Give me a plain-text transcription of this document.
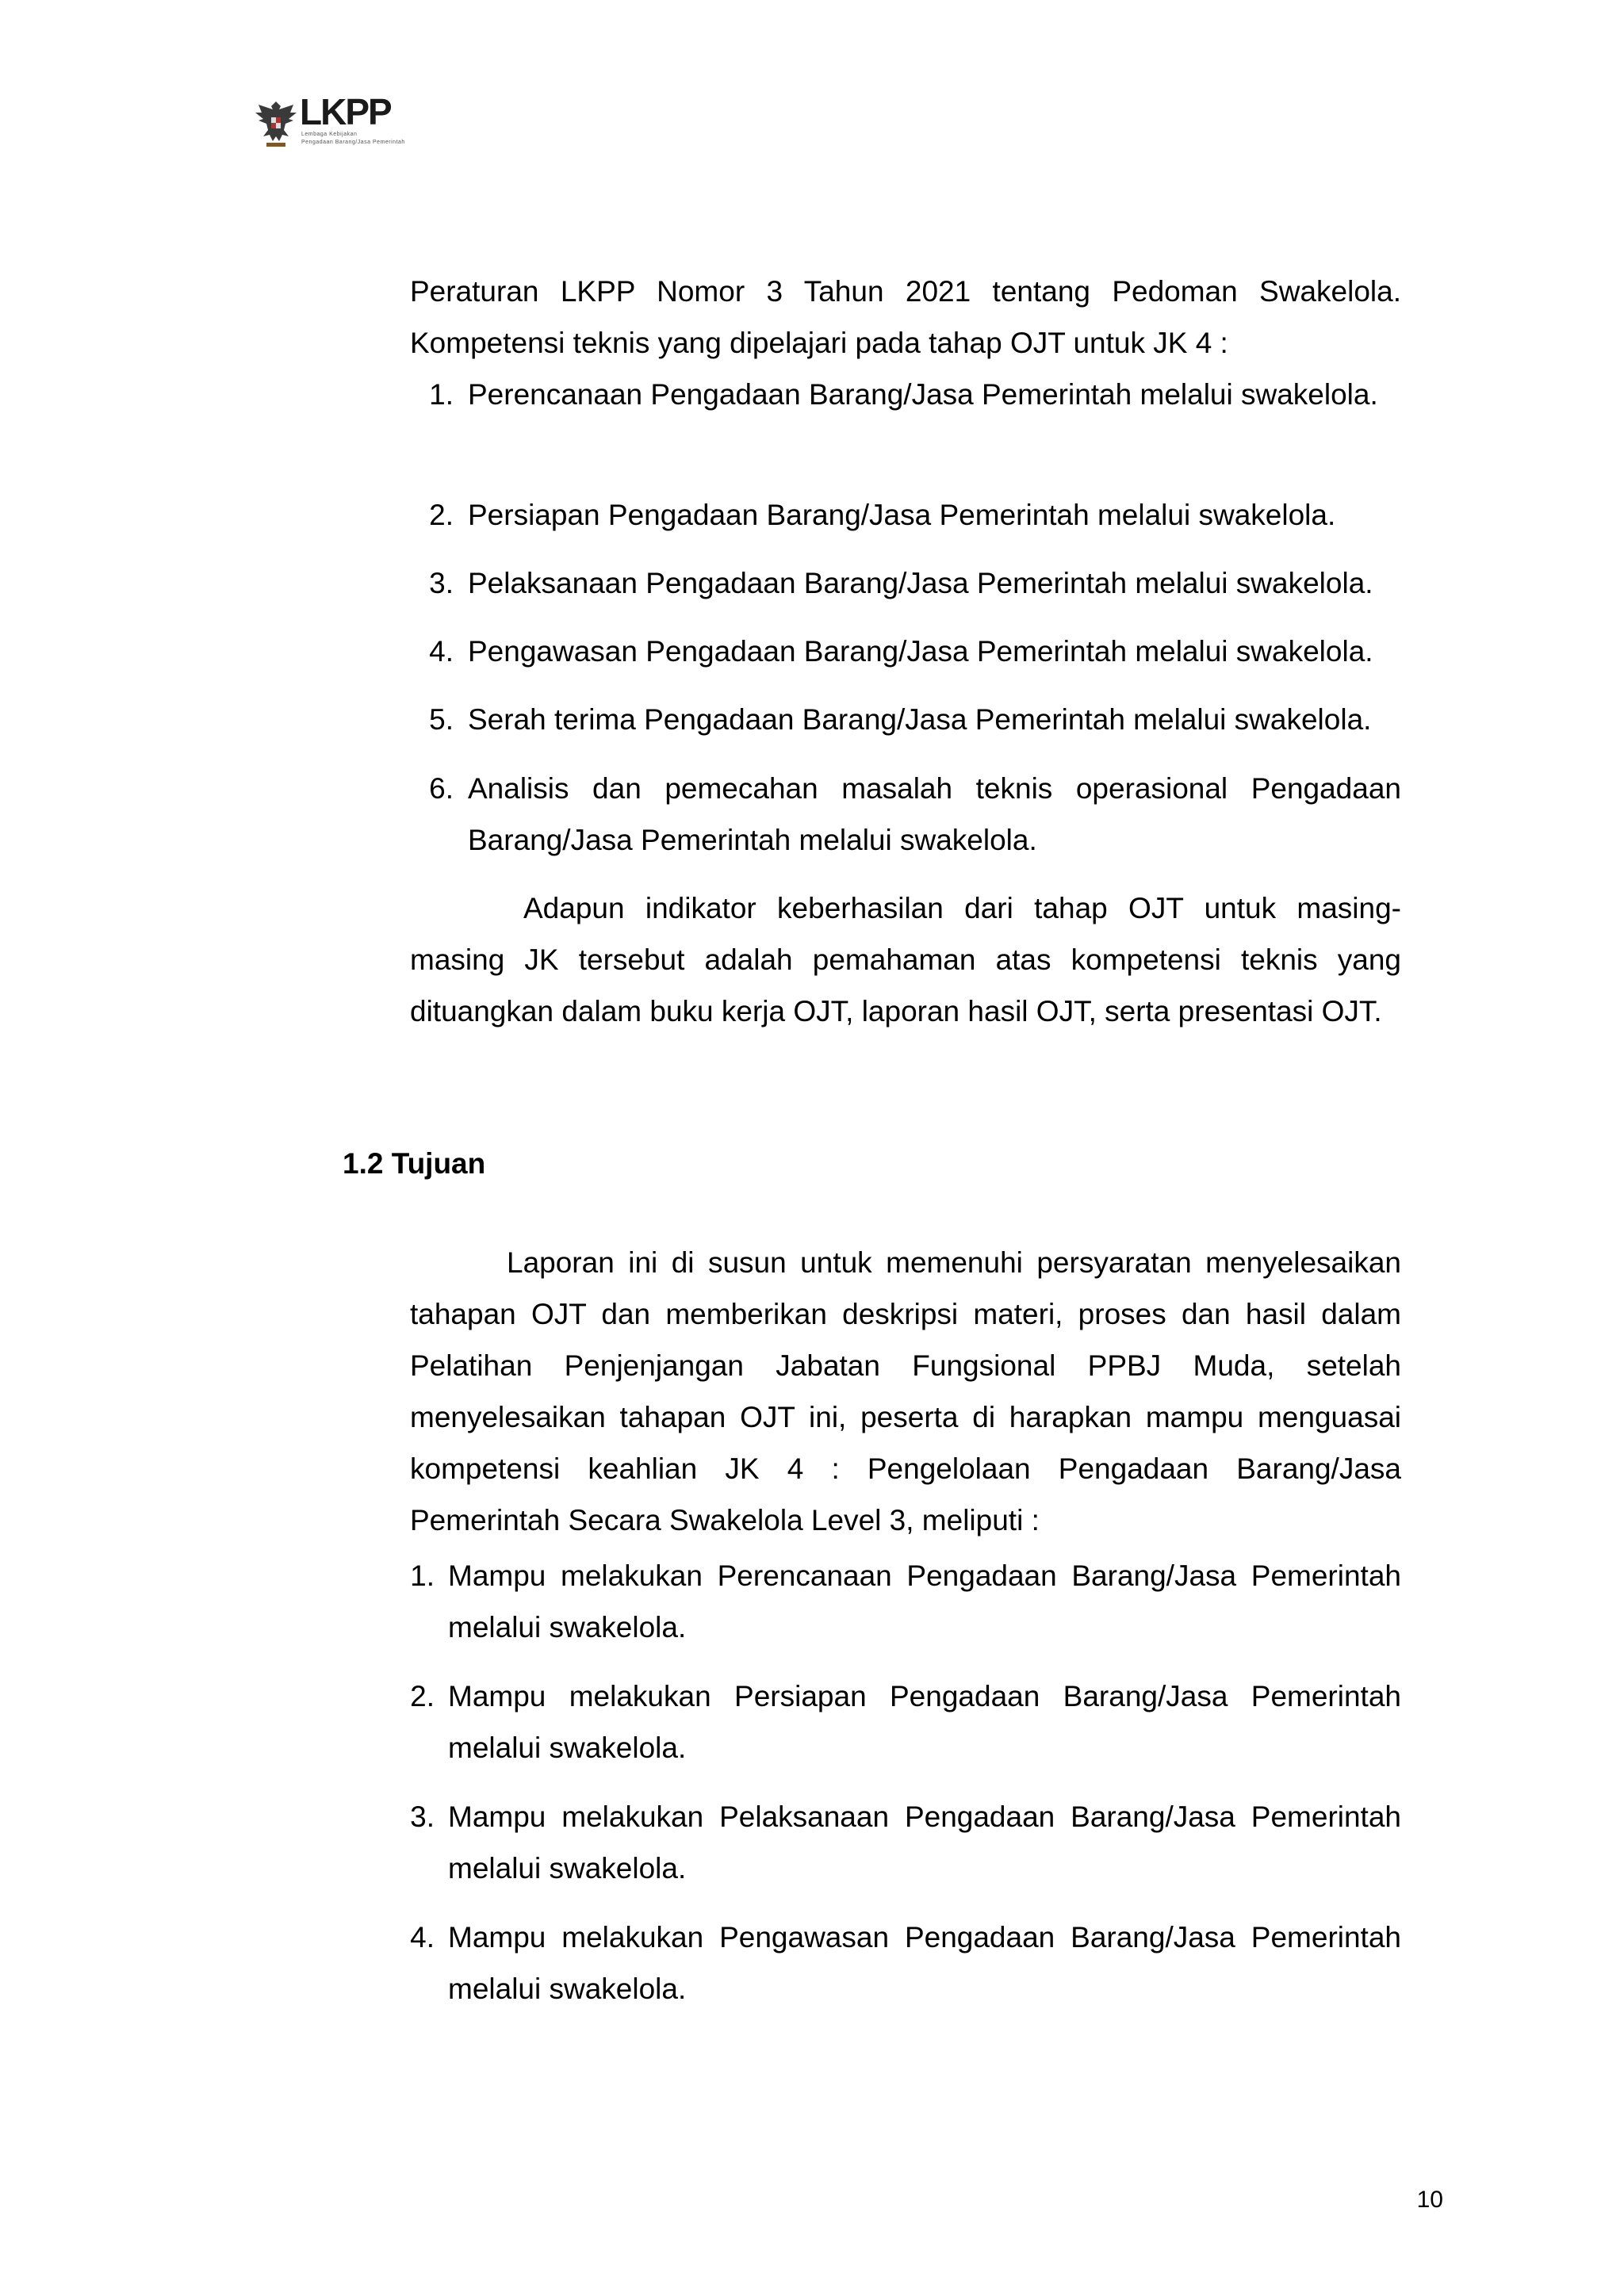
LKPP
Lembaga Kebijakan
Pengadaan Barang/Jasa Pemerintah
Peraturan LKPP Nomor 3 Tahun 2021 tentang Pedoman Swakelola.
Kompetensi teknis yang dipelajari pada tahap OJT untuk JK 4 :
1. Perencanaan Pengadaan Barang/Jasa Pemerintah melalui swakelola.
2. Persiapan Pengadaan Barang/Jasa Pemerintah melalui swakelola.
3. Pelaksanaan Pengadaan Barang/Jasa Pemerintah melalui swakelola.
4. Pengawasan Pengadaan Barang/Jasa Pemerintah melalui swakelola.
5. Serah terima Pengadaan Barang/Jasa Pemerintah melalui swakelola.
6. Analisis dan pemecahan masalah teknis operasional Pengadaan Barang/Jasa Pemerintah melalui swakelola.
Adapun indikator keberhasilan dari tahap OJT untuk masing-masing JK tersebut adalah pemahaman atas kompetensi teknis yang dituangkan dalam buku kerja OJT, laporan hasil OJT, serta presentasi OJT.
1.2 Tujuan
Laporan ini di susun untuk memenuhi persyaratan menyelesaikan tahapan OJT dan memberikan deskripsi materi, proses dan hasil dalam Pelatihan Penjenjangan Jabatan Fungsional PPBJ Muda, setelah menyelesaikan tahapan OJT ini, peserta di harapkan mampu menguasai kompetensi keahlian JK 4 : Pengelolaan Pengadaan Barang/Jasa Pemerintah Secara Swakelola Level 3, meliputi :
1. Mampu melakukan Perencanaan Pengadaan Barang/Jasa Pemerintah melalui swakelola.
2. Mampu melakukan Persiapan Pengadaan Barang/Jasa Pemerintah melalui swakelola.
3. Mampu melakukan Pelaksanaan Pengadaan Barang/Jasa Pemerintah melalui swakelola.
4. Mampu melakukan Pengawasan Pengadaan Barang/Jasa Pemerintah melalui swakelola.
10
